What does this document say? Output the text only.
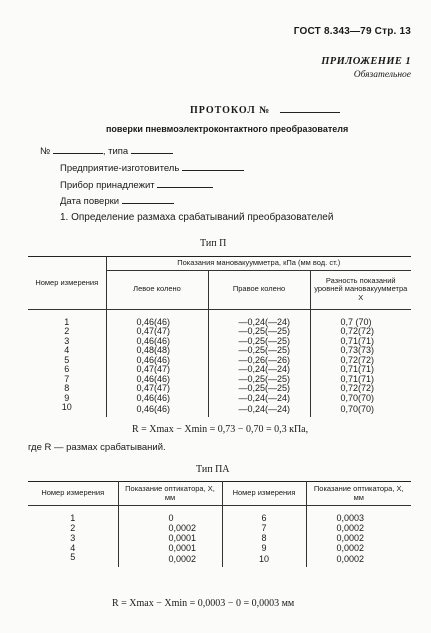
ГОСТ 8.343—79 Стр. 13
ПРИЛОЖЕНИЕ 1
Обязательное
ПРОТОКОЛ №
поверки пневмоэлектроконтактного преобразователя
№	, типа
Предприятие-изготовитель
Прибор принадлежит
Дата поверки
1. Определение размаха срабатываний преобразователей
Тип П
Номер измерения	Показания мановакуумметра, кПа (мм вод. ст.)		
	Левое колено	Правое колено	Разность показаний уровней мановакуумметра X
1	0,46(46)	—0,24(—24)	0,7 (70)
2	0,47(47)	—0,25(—25)	0,72(72)
3	0,46(46)	—0,25(—25)	0,71(71)
4	0,48(48)	—0,25(—25)	0,73(73)
5	0,46(46)	—0,26(—26)	0,72(72)
6	0,47(47)	—0,24(—24)	0,71(71)
7	0,46(46)	—0,25(—25)	0,71(71)
8	0,47(47)	—0,25(—25)	0,72(72)
9	0,46(46)	—0,24(—24)	0,70(70)
10	0,46(46)	—0,24(—24)	0,70(70)
R = Xmax − Xmin = 0,73 − 0,70 = 0,3 кПа,
где R — размах срабатываний.
Тип ПА
Номер измерения	Показание оптикатора, X, мм	Номер измерения	Показание оптикатора, X, мм
1	0	6	0,0003
2	0,0002	7	0,0002
3	0,0001	8	0,0002
4	0,0001	9	0,0002
5	0,0002	10	0,0002
R = Xmax − Xmin = 0,0003 − 0 = 0,0003 мм
